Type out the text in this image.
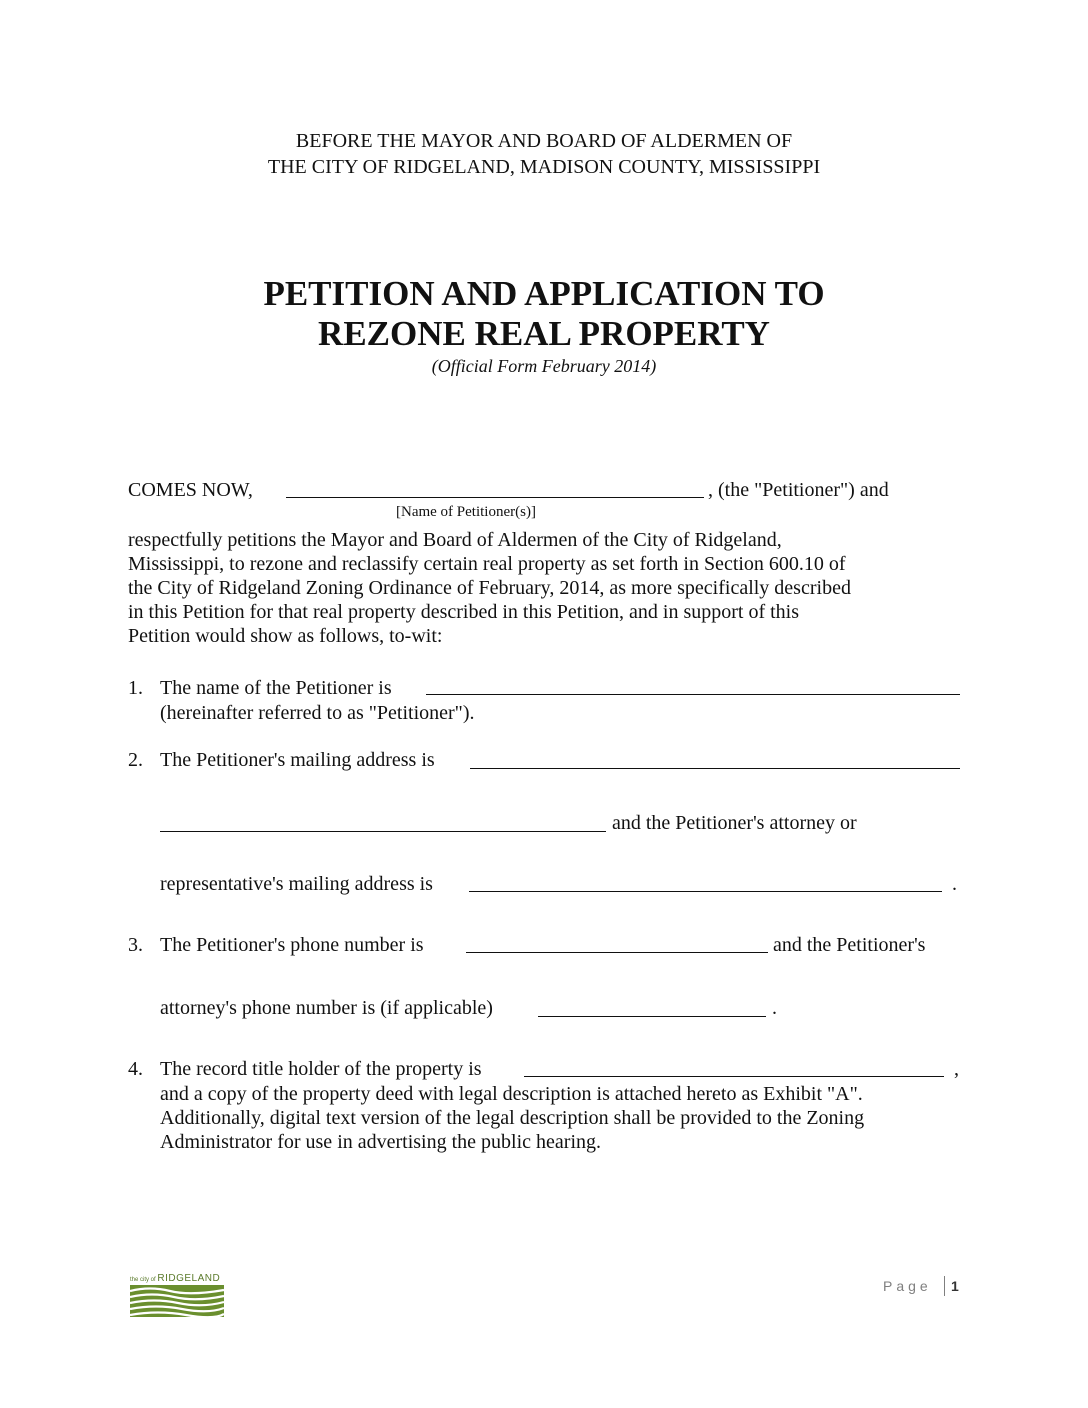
BEFORE THE MAYOR AND BOARD OF ALDERMEN OF
THE CITY OF RIDGELAND, MADISON COUNTY, MISSISSIPPI
PETITION AND APPLICATION TO
REZONE REAL PROPERTY
(Official Form February 2014)
COMES NOW,	, (the "Petitioner") and
[Name of Petitioner(s)]
respectfully petitions the Mayor and Board of Aldermen of the City of Ridgeland,
Mississippi, to rezone and reclassify certain real property as set forth in Section 600.10 of
the City of Ridgeland Zoning Ordinance of February, 2014, as more specifically described
in this Petition for that real property described in this Petition, and in support of this
Petition would show as follows, to-wit:
1. The name of the Petitioner is
(hereinafter referred to as "Petitioner").
2. The Petitioner's mailing address is
and the Petitioner's attorney or
representative's mailing address is	.
3. The Petitioner's phone number is	and the Petitioner's
attorney's phone number is (if applicable)	.
4. The record title holder of the property is	,
and a copy of the property deed with legal description is attached hereto as Exhibit "A".
Additionally, digital text version of the legal description shall be provided to the Zoning
Administrator for use in advertising the public hearing.
the city of RIDGELAND	Page 1
